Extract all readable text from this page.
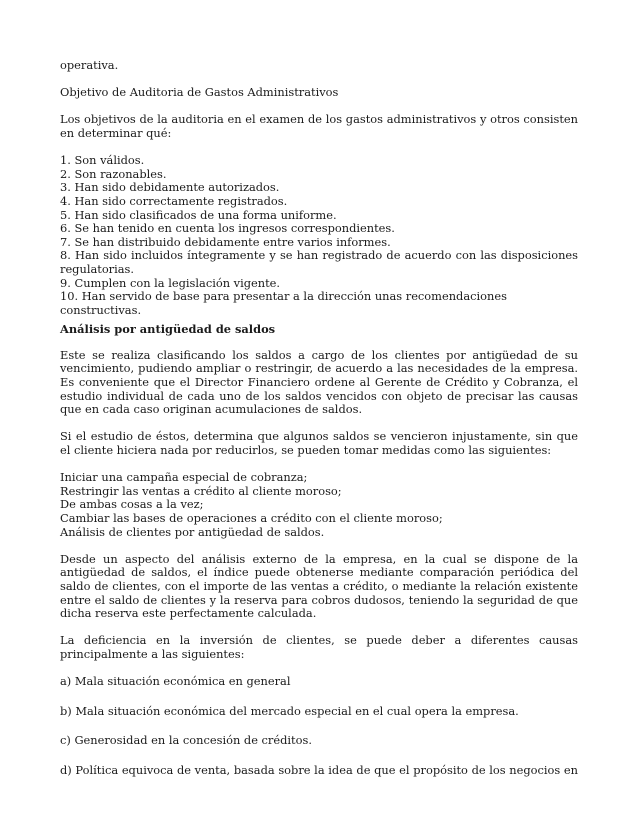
operativa.

Objetivo de Auditoria de Gastos Administrativos

Los objetivos de la auditoria en el examen de los gastos administrativos y otros consisten en determinar qué:

1. Son válidos.

2. Son razonables.

3. Han sido debidamente autorizados.

4. Han sido correctamente registrados.

5. Han sido clasificados de una forma uniforme.

6. Se han tenido en cuenta los ingresos correspondientes.

7. Se han distribuido debidamente entre varios informes.

8. Han sido incluidos íntegramente y se han registrado de acuerdo con las disposiciones regulatorias.

9. Cumplen con la legislación vigente.

10. Han servido de base para presentar a la dirección unas recomendaciones constructivas.

Análisis por antigüedad de saldos

Este se realiza clasificando los saldos a cargo de los clientes por antigüedad de su vencimiento, pudiendo ampliar o restringir, de acuerdo a las necesidades de la empresa. Es conveniente que el Director Financiero ordene al Gerente de Crédito y Cobranza, el estudio individual de cada uno de los saldos vencidos con objeto de precisar las causas que en cada caso originan acumulaciones de saldos.

Si el estudio de éstos, determina que algunos saldos se vencieron injustamente, sin que el cliente hiciera nada por reducirlos, se pueden tomar medidas como las siguientes:

Iniciar una campaña especial de cobranza;

Restringir las ventas a crédito al cliente moroso;

De ambas cosas a la vez;

Cambiar las bases de operaciones a crédito con el cliente moroso;

Análisis de clientes por antigüedad de saldos.

Desde un aspecto del análisis externo de la empresa, en la cual se dispone de la antigüedad de saldos, el índice puede obtenerse mediante comparación periódica del saldo de clientes, con el importe de las ventas a crédito, o mediante la relación existente entre el saldo de clientes y la reserva para cobros dudosos, teniendo la seguridad de que dicha reserva este perfectamente calculada.

La deficiencia en la inversión de clientes, se puede deber a diferentes causas principalmente a las siguientes:

a) Mala situación económica en general

b) Mala situación económica del mercado especial en el cual opera la empresa.

c) Generosidad en la concesión de créditos.

d) Política equivoca de venta, basada sobre la idea de que el propósito de los negocios en
